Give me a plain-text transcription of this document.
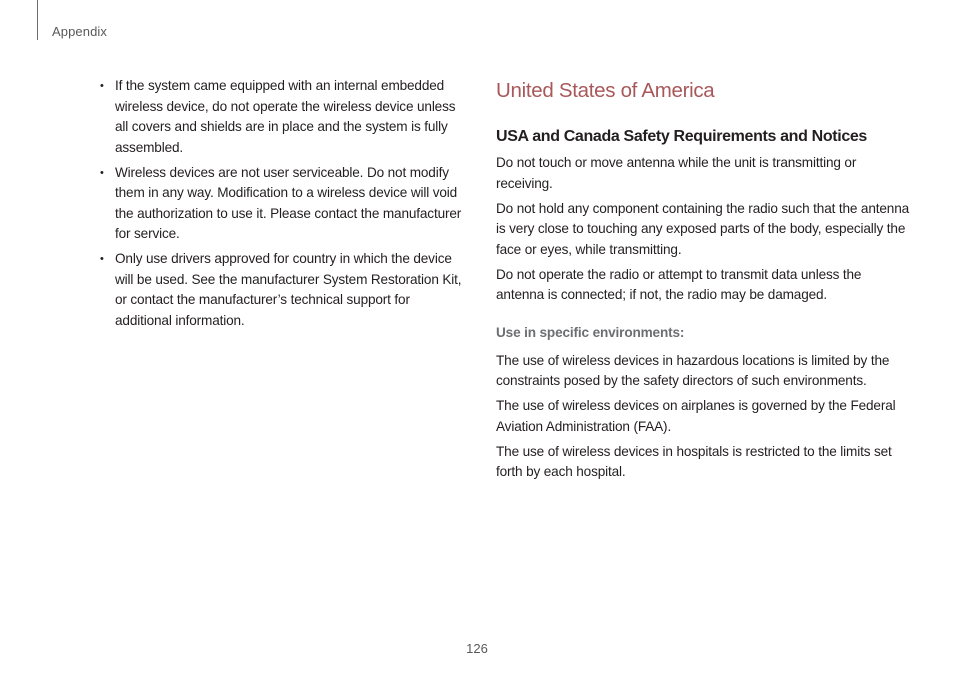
Appendix
• If the system came equipped with an internal embedded wireless device, do not operate the wireless device unless all covers and shields are in place and the system is fully assembled.
• Wireless devices are not user serviceable. Do not modify them in any way. Modification to a wireless device will void the authorization to use it. Please contact the manufacturer for service.
• Only use drivers approved for country in which the device will be used. See the manufacturer System Restoration Kit, or contact the manufacturer’s technical support for additional information.
United States of America
USA and Canada Safety Requirements and Notices

Do not touch or move antenna while the unit is transmitting or receiving.

Do not hold any component containing the radio such that the antenna is very close to touching any exposed parts of the body, especially the face or eyes, while transmitting.

Do not operate the radio or attempt to transmit data unless the antenna is connected; if not, the radio may be damaged.

Use in specific environments:

The use of wireless devices in hazardous locations is limited by the constraints posed by the safety directors of such environments.

The use of wireless devices on airplanes is governed by the Federal Aviation Administration (FAA).

The use of wireless devices in hospitals is restricted to the limits set forth by each hospital.

126
